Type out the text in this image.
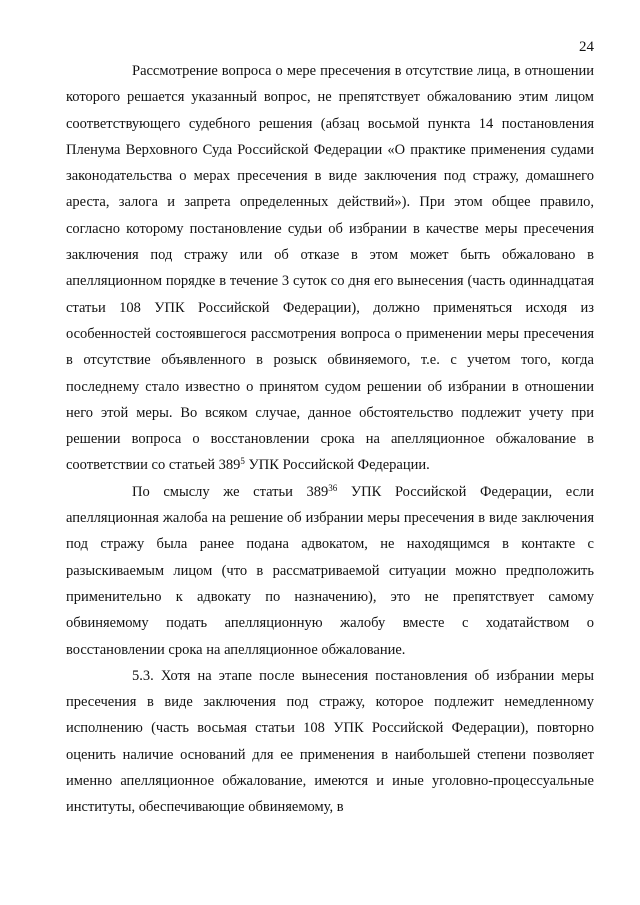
24

Рассмотрение вопроса о мере пресечения в отсутствие лица, в отношении которого решается указанный вопрос, не препятствует обжалованию этим лицом соответствующего судебного решения (абзац восьмой пункта 14 постановления Пленума Верховного Суда Российской Федерации «О практике применения судами законодательства о мерах пресечения в виде заключения под стражу, домашнего ареста, залога и запрета определенных действий»). При этом общее правило, согласно которому постановление судьи об избрании в качестве меры пресечения заключения под стражу или об отказе в этом может быть обжаловано в апелляционном порядке в течение 3 суток со дня его вынесения (часть одиннадцатая статьи 108 УПК Российской Федерации), должно применяться исходя из особенностей состоявшегося рассмотрения вопроса о применении меры пресечения в отсутствие объявленного в розыск обвиняемого, т.е. с учетом того, когда последнему стало известно о принятом судом решении об избрании в отношении него этой меры. Во всяком случае, данное обстоятельство подлежит учету при решении вопроса о восстановлении срока на апелляционное обжалование в соответствии со статьей $389^5$ УПК Российской Федерации.

По смыслу же статьи $389^{36}$ УПК Российской Федерации, если апелляционная жалоба на решение об избрании меры пресечения в виде заключения под стражу была ранее подана адвокатом, не находящимся в контакте с разыскиваемым лицом (что в рассматриваемой ситуации можно предположить применительно к адвокату по назначению), это не препятствует самому обвиняемому подать апелляционную жалобу вместе с ходатайством о восстановлении срока на апелляционное обжалование.

5.3. Хотя на этапе после вынесения постановления об избрании меры пресечения в виде заключения под стражу, которое подлежит немедленному исполнению (часть восьмая статьи 108 УПК Российской Федерации), повторно оценить наличие оснований для ее применения в наибольшей степени позволяет именно апелляционное обжалование, имеются и иные уголовно-процессуальные институты, обеспечивающие обвиняемому, в
